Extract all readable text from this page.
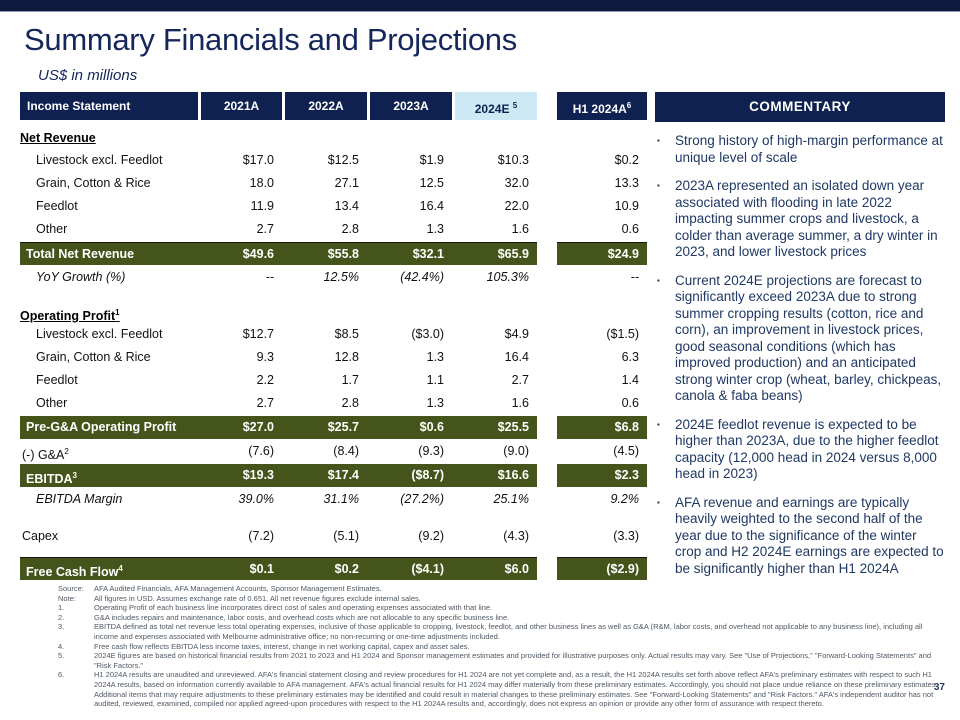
Summary Financials and Projections
US$ in millions
Income Statement	2021A	2022A	2023A	2024E $^5$	H1 $2024A^6$
Net Revenue
Livestock excl. Feedlot	$17.0	$12.5	$1.9	$10.3	$0.2
Grain, Cotton & Rice	18.0	27.1	12.5	32.0	13.3
Feedlot	11.9	13.4	16.4	22.0	10.9
Other	2.7	2.8	1.3	1.6	0.6
Total Net Revenue	$49.6	$55.8	$32.1	$65.9	$24.9
YoY Growth (%)	--	12.5%	(42.4%)	105.3%	--
Operating Profit$^1$
Livestock excl. Feedlot	$12.7	$8.5	($3.0)	$4.9	($1.5)
Grain, Cotton & Rice	9.3	12.8	1.3	16.4	6.3
Feedlot	2.2	1.7	1.1	2.7	1.4
Other	2.7	2.8	1.3	1.6	0.6
Pre-G&A Operating Profit	$27.0	$25.7	$0.6	$25.5	$6.8
(-) $G\&A^2$	(7.6)	(8.4)	(9.3)	(9.0)	(4.5)
EBITDA$^3$	$19.3	$17.4	($8.7)	$16.6	$2.3
EBITDA Margin	39.0%	31.1%	(27.2%)	25.1%	9.2%
Capex	(7.2)	(5.1)	(9.2)	(4.3)	(3.3)
Free Cash Flow$^4$	$0.1	$0.2	($4.1)	$6.0	($2.9)
COMMENTARY
▪	Strong history of high-margin performance at unique level of scale
▪	2023A represented an isolated down year associated with flooding in late 2022 impacting summer crops and livestock, a colder than average summer, a dry winter in 2023, and lower livestock prices
▪	Current 2024E projections are forecast to significantly exceed 2023A due to strong summer cropping results (cotton, rice and corn), an improvement in livestock prices, good seasonal conditions (which has improved production) and an anticipated strong winter crop (wheat, barley, chickpeas, canola & faba beans)
▪	2024E feedlot revenue is expected to be higher than 2023A, due to the higher feedlot capacity (12,000 head in 2024 versus 8,000 head in 2023)
▪	AFA revenue and earnings are typically heavily weighted to the second half of the year due to the significance of the winter crop and H2 2024E earnings are expected to be significantly higher than H1 2024A
Source:	AFA Audited Financials, AFA Management Accounts, Sponsor Management Estimates.
Note:	All figures in USD. Assumes exchange rate of 0.651. All net revenue figures exclude internal sales.
1.	Operating Profit of each business line incorporates direct cost of sales and operating expenses associated with that line.
2.	G&A includes repairs and maintenance, labor costs, and overhead costs which are not allocable to any specific business line.
3.	EBITDA defined as total net revenue less total operating expenses, inclusive of those applicable to cropping, livestock, feedlot, and other business lines as well as G&A (R&M, labor costs, and overhead not applicable to any business line), including all income and expenses associated with Melbourne administrative office; no non-recurring or one-time adjustments included.
4.	Free cash flow reflects EBITDA less income taxes, interest, change in net working capital, capex and asset sales.
5.	2024E figures are based on historical financial results from 2021 to 2023 and H1 2024 and Sponsor management estimates and provided for illustrative purposes only. Actual results may vary. See "Use of Projections," "Forward-Looking Statements" and "Risk Factors."
6.	H1 2024A results are unaudited and unreviewed. AFA's financial statement closing and review procedures for H1 2024 are not yet complete and, as a result, the H1 2024A results set forth above reflect AFA's preliminary estimates with respect to such H1 2024A results, based on information currently available to AFA management. AFA's actual financial results for H1 2024 may differ materially from these preliminary estimates. Accordingly, you should not place undue reliance on these preliminary estimates. Additional items that may require adjustments to these preliminary estimates may be identified and could result in material changes to these preliminary estimates. See "Forward-Looking Statements" and "Risk Factors." AFA's independent auditor has not audited, reviewed, examined, compiled nor applied agreed-upon procedures with respect to the H1 2024A results and, accordingly, does not express an opinion or provide any other form of assurance with respect thereto.
37
